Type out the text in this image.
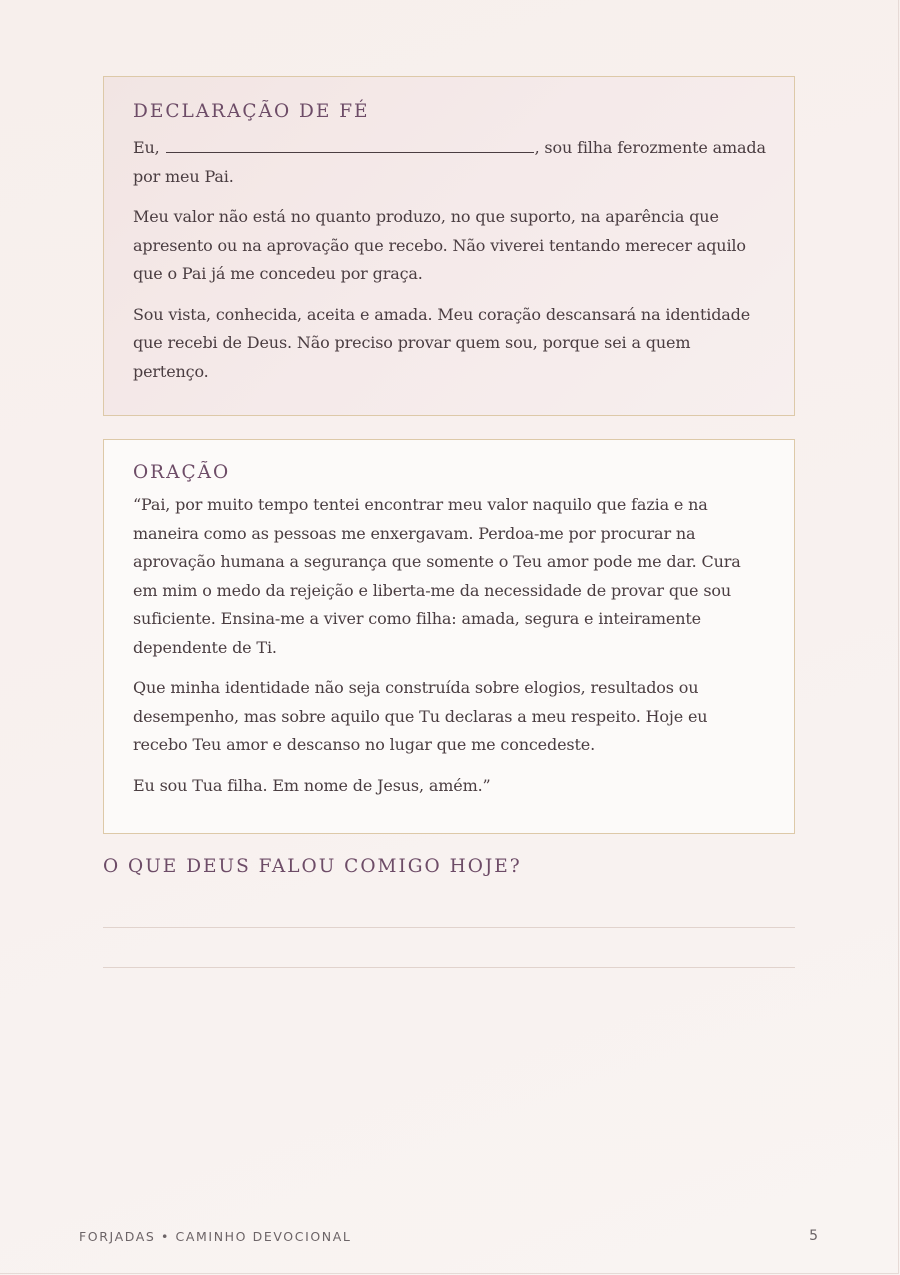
DECLARAÇÃO DE FÉ

Eu,	, sou filha ferozmente amada por meu Pai.

Meu valor não está no quanto produzo, no que suporto, na aparência que apresento ou na aprovação que recebo. Não viverei tentando merecer aquilo que o Pai já me concedeu por graça.

Sou vista, conhecida, aceita e amada. Meu coração descansará na identidade que recebi de Deus. Não preciso provar quem sou, porque sei a quem pertenço.

ORAÇÃO

“Pai, por muito tempo tentei encontrar meu valor naquilo que fazia e na maneira como as pessoas me enxergavam. Perdoa-me por procurar na aprovação humana a segurança que somente o Teu amor pode me dar. Cura em mim o medo da rejeição e liberta-me da necessidade de provar que sou suficiente. Ensina-me a viver como filha: amada, segura e inteiramente dependente de Ti.

Que minha identidade não seja construída sobre elogios, resultados ou desempenho, mas sobre aquilo que Tu declaras a meu respeito. Hoje eu recebo Teu amor e descanso no lugar que me concedeste.

Eu sou Tua filha. Em nome de Jesus, amém.”

O QUE DEUS FALOU COMIGO HOJE?
FORJADAS • CAMINHO DEVOCIONAL	5
